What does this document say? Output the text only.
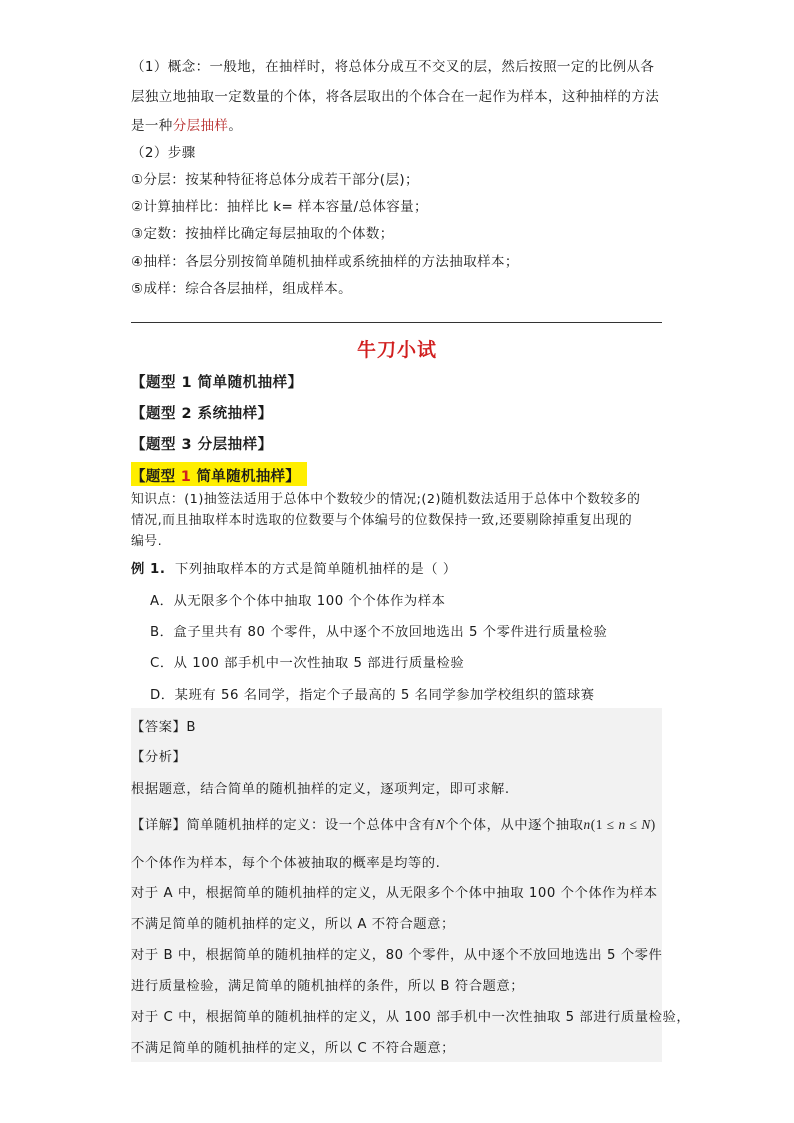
（1）概念：一般地，在抽样时，将总体分成互不交叉的层，然后按照一定的比例从各
层独立地抽取一定数量的个体，将各层取出的个体合在一起作为样本，这种抽样的方法
是一种分层抽样。
（2）步骤
①分层：按某种特征将总体分成若干部分(层)；
②计算抽样比：抽样比 k= 样本容量/总体容量；
③定数：按抽样比确定每层抽取的个体数；
④抽样：各层分别按简单随机抽样或系统抽样的方法抽取样本；
⑤成样：综合各层抽样，组成样本。
牛刀小试
【题型 1 简单随机抽样】
【题型 2 系统抽样】
【题型 3 分层抽样】
【题型 1 简单随机抽样】
知识点：(1)抽签法适用于总体中个数较少的情况;(2)随机数法适用于总体中个数较多的
情况,而且抽取样本时选取的位数要与个体编号的位数保持一致,还要剔除掉重复出现的
编号.
例 1. 下列抽取样本的方式是简单随机抽样的是（ ）
A．从无限多个个体中抽取 100 个个体作为样本
B．盒子里共有 80 个零件，从中逐个不放回地选出 5 个零件进行质量检验
C．从 100 部手机中一次性抽取 5 部进行质量检验
D．某班有 56 名同学，指定个子最高的 5 名同学参加学校组织的篮球赛
【答案】B
【分析】
根据题意，结合简单的随机抽样的定义，逐项判定，即可求解.
【详解】简单随机抽样的定义：设一个总体中含有N个个体，从中逐个抽取n(1 ≤ n ≤ N)
个个体作为样本，每个个体被抽取的概率是均等的.
对于 A 中，根据简单的随机抽样的定义，从无限多个个体中抽取 100 个个体作为样本
不满足简单的随机抽样的定义，所以 A 不符合题意；
对于 B 中，根据简单的随机抽样的定义，80 个零件，从中逐个不放回地选出 5 个零件
进行质量检验，满足简单的随机抽样的条件，所以 B 符合题意；
对于 C 中，根据简单的随机抽样的定义，从 100 部手机中一次性抽取 5 部进行质量检验，
不满足简单的随机抽样的定义，所以 C 不符合题意；
